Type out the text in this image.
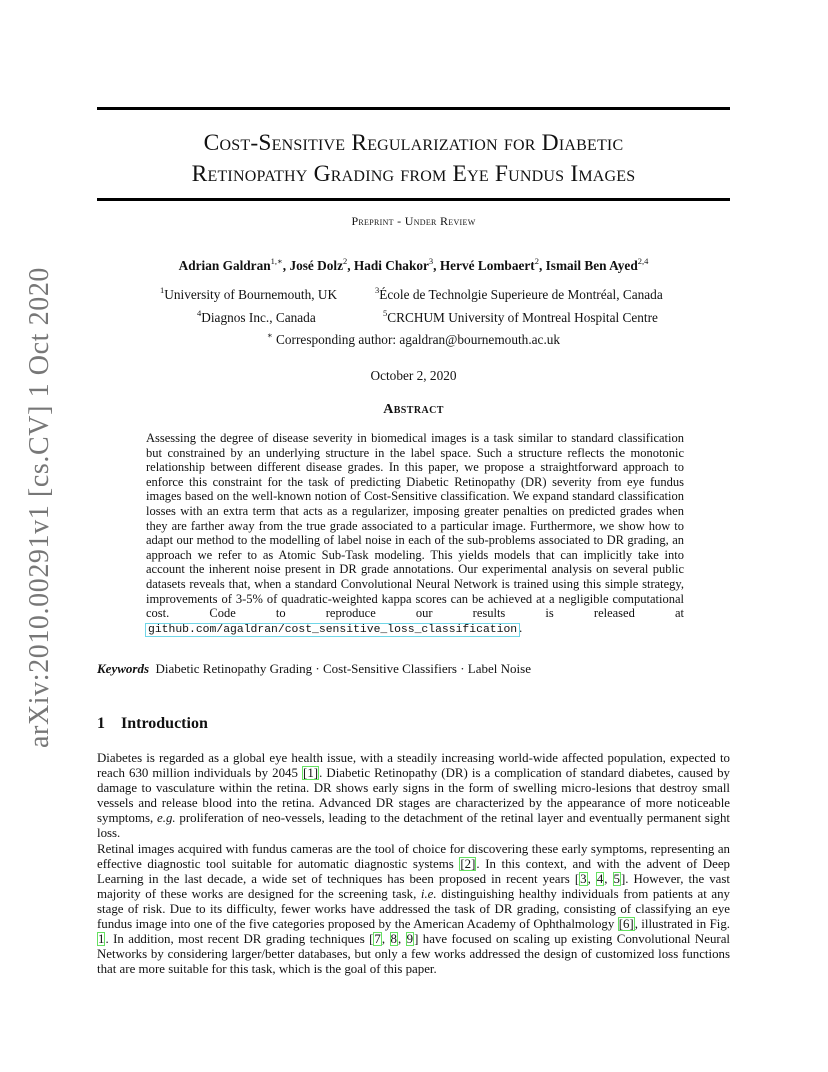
arXiv:2010.00291v1 [cs.CV] 1 Oct 2020
Cost-Sensitive Regularization for Diabetic
Retinopathy Grading from Eye Fundus Images
Preprint - Under Review
Adrian Galdran$^{1,∗}$, José Dolz$^2$, Hadi Chakor$^3$, Hervé Lombaert$^2$, Ismail Ben Ayed$^{2,4}$
$^1$University of Bournemouth, UK	$^3$École de Technolgie Superieure de Montréal, Canada
$^4$Diagnos Inc., Canada	$^5$CRCHUM University of Montreal Hospital Centre
∗ Corresponding author: agaldran@bournemouth.ac.uk
October 2, 2020
Abstract
Assessing the degree of disease severity in biomedical images is a task similar to standard classification but constrained by an underlying structure in the label space. Such a structure reflects the monotonic relationship between different disease grades. In this paper, we propose a straightforward approach to enforce this constraint for the task of predicting Diabetic Retinopathy (DR) severity from eye fundus images based on the well-known notion of Cost-Sensitive classification. We expand standard classification losses with an extra term that acts as a regularizer, imposing greater penalties on predicted grades when they are farther away from the true grade associated to a particular image. Furthermore, we show how to adapt our method to the modelling of label noise in each of the sub-problems associated to DR grading, an approach we refer to as Atomic Sub-Task modeling. This yields models that can implicitly take into account the inherent noise present in DR grade annotations. Our experimental analysis on several public datasets reveals that, when a standard Convolutional Neural Network is trained using this simple strategy, improvements of 3-5% of quadratic-weighted kappa scores can be achieved at a negligible computational cost. Code to reproduce our results is released at github.com/agaldran/cost_sensitive_loss_classification .
Keywords Diabetic Retinopathy Grading · Cost-Sensitive Classifiers · Label Noise
1 Introduction
Diabetes is regarded as a global eye health issue, with a steadily increasing world-wide affected population, expected to reach 630 million individuals by 2045 [1]. Diabetic Retinopathy (DR) is a complication of standard diabetes, caused by damage to vasculature within the retina. DR shows early signs in the form of swelling micro-lesions that destroy small vessels and release blood into the retina. Advanced DR stages are characterized by the appearance of more noticeable symptoms, e.g. proliferation of neo-vessels, leading to the detachment of the retinal layer and eventually permanent sight loss.
Retinal images acquired with fundus cameras are the tool of choice for discovering these early symptoms, representing an effective diagnostic tool suitable for automatic diagnostic systems [2]. In this context, and with the advent of Deep Learning in the last decade, a wide set of techniques has been proposed in recent years [3, 4, 5]. However, the vast majority of these works are designed for the screening task, i.e. distinguishing healthy individuals from patients at any stage of risk. Due to its difficulty, fewer works have addressed the task of DR grading, consisting of classifying an eye fundus image into one of the five categories proposed by the American Academy of Ophthalmology [6], illustrated in Fig. 1. In addition, most recent DR grading techniques [7, 8, 9] have focused on scaling up existing Convolutional Neural Networks by considering larger/better databases, but only a few works addressed the design of customized loss functions that are more suitable for this task, which is the goal of this paper.
